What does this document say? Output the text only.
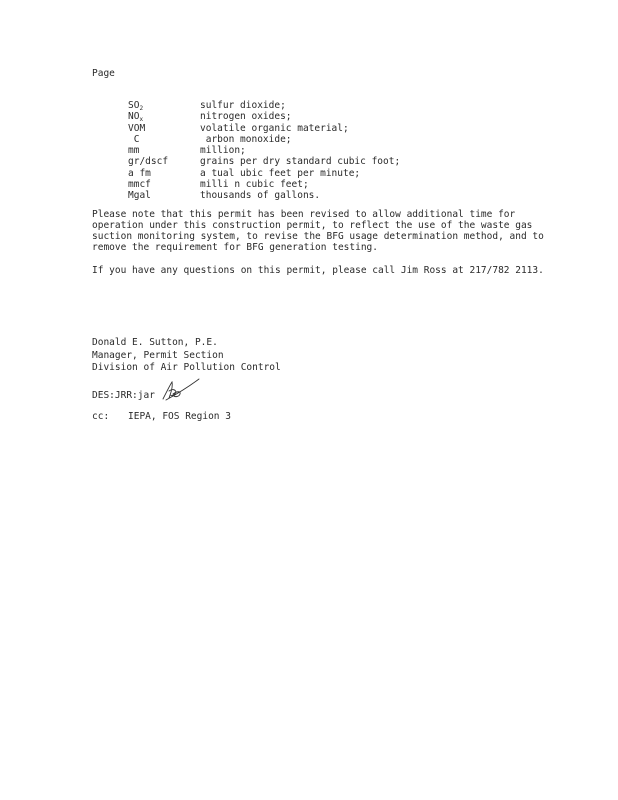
Page
$SO_2$	sulfur dioxide;
$NO_x$	nitrogen oxides;
VOM	volatile organic material;
C	arbon monoxide;
mm	million;
gr/dscf	grains per dry standard cubic foot;
a fm	a tual ubic feet per minute;
mmcf	milli n cubic feet;
Mgal	thousands of gallons.
Please note that this permit has been revised to allow additional time for operation under this construction permit, to reflect the use of the waste gas suction monitoring system, to revise the BFG usage determination method, and to remove the requirement for BFG generation testing.
If you have any questions on this permit, please call Jim Ross at 217/782 2113.
Donald E. Sutton, P.E.
Manager, Permit Section
Division of Air Pollution Control
DES:JRR:jar
cc:	IEPA, FOS Region 3
